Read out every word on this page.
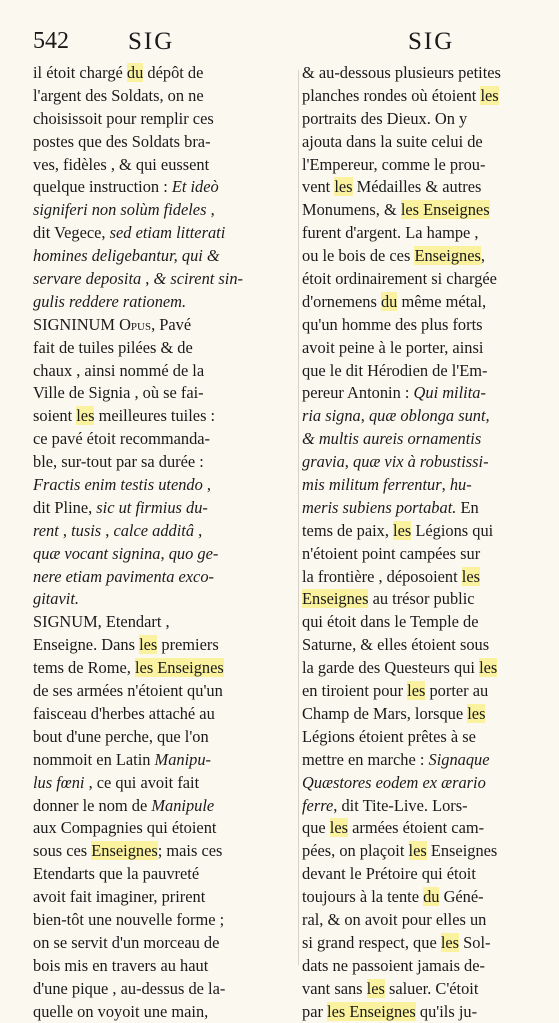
542 SIG	SIG
il étoit chargé du dépôt de
l'argent des Soldats, on ne
choisissoit pour remplir ces
postes que des Soldats bra-
ves, fidèles , & qui eussent
quelque instruction : Et ideò
signiferi non solùm fideles ,
dit Vegece, sed etiam litterati
homines deligebantur, qui &
servare deposita , & scirent sin-
gulis reddere rationem.
SIGNINUM Opus, Pavé
fait de tuiles pilées & de
chaux , ainsi nommé de la
Ville de Signia , où se fai-
soient les meilleures tuiles :
ce pavé étoit recommanda-
ble, sur-tout par sa durée :
Fractis enim testis utendo ,
dit Pline, sic ut firmius du-
rent , tusis , calce additâ ,
quæ vocant signina, quo ge-
nere etiam pavimenta exco-
gitavit.
SIGNUM, Etendart ,
Enseigne. Dans les premiers
tems de Rome, les Enseignes
de ses armées n'étoient qu'un
faisceau d'herbes attaché au
bout d'une perche, que l'on
nommoit en Latin Manipu-
lus fœni , ce qui avoit fait
donner le nom de Manipule
aux Compagnies qui étoient
sous ces Enseignes; mais ces
Etendarts que la pauvreté
avoit fait imaginer, prirent
bien-tôt une nouvelle forme ;
on se servit d'un morceau de
bois mis en travers au haut
d'une pique , au-dessus de la-
quelle on voyoit une main,
& au-dessous plusieurs petites
planches rondes où étoient les
portraits des Dieux. On y
ajouta dans la suite celui de
l'Empereur, comme le prou-
vent les Médailles & autres
Monumens, & les Enseignes
furent d'argent. La hampe ,
ou le bois de ces Enseignes,
étoit ordinairement si chargée
d'ornemens du même métal,
qu'un homme des plus forts
avoit peine à le porter, ainsi
que le dit Hérodien de l'Em-
pereur Antonin : Qui milita-
ria signa, quæ oblonga sunt,
& multis aureis ornamentis
gravia, quæ vix à robustissi-
mis militum ferrentur, hu-
meris subiens portabat. En
tems de paix, les Légions qui
n'étoient point campées sur
la frontière , déposoient les
Enseignes au trésor public
qui étoit dans le Temple de
Saturne, & elles étoient sous
la garde des Questeurs qui les
en tiroient pour les porter au
Champ de Mars, lorsque les
Légions étoient prêtes à se
mettre en marche : Signaque
Quæstores eodem ex ærario
ferre, dit Tite-Live. Lors-
que les armées étoient cam-
pées, on plaçoit les Enseignes
devant le Prétoire qui étoit
toujours à la tente du Géné-
ral, & on avoit pour elles un
si grand respect, que les Sol-
dats ne passoient jamais de-
vant sans les saluer. C'étoit
par les Enseignes qu'ils ju-
